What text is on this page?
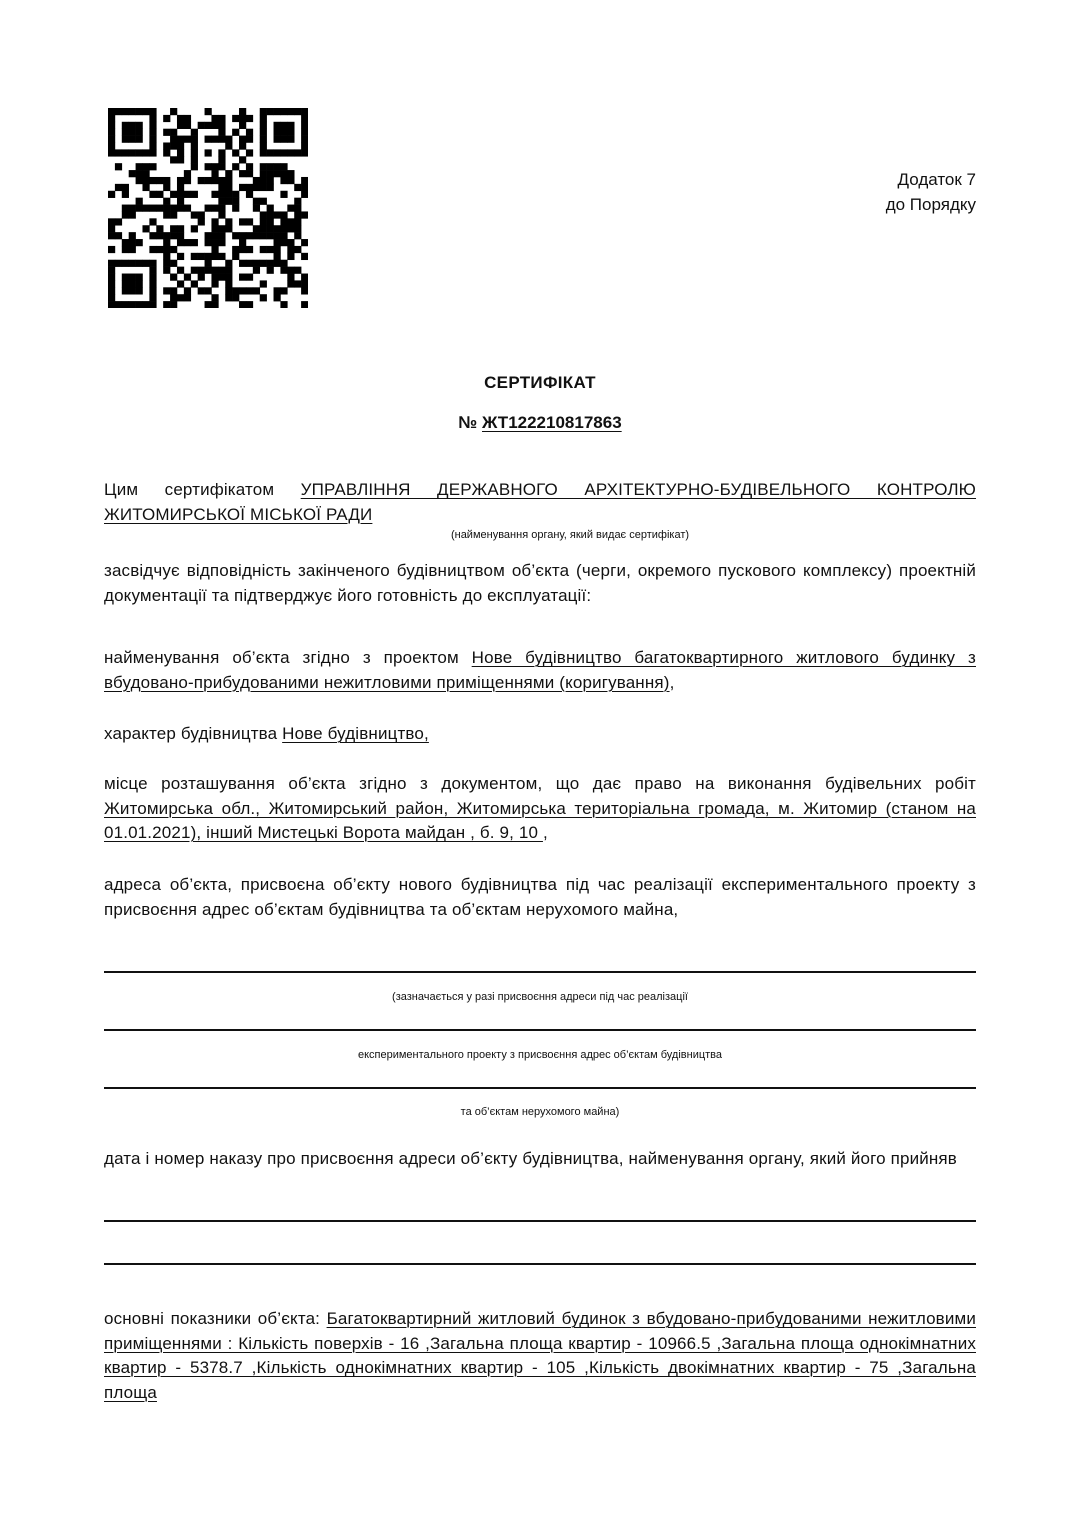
Додаток 7
до Порядку
СЕРТИФІКАТ
№ ЖТ122210817863
Цим сертифікатом УПРАВЛІННЯ ДЕРЖАВНОГО АРХІТЕКТУРНО-БУДІВЕЛЬНОГО КОНТРОЛЮ ЖИТОМИРСЬКОЇ МІСЬКОЇ РАДИ
(найменування органу, який видає сертифікат)
засвідчує відповідність закінченого будівництвом об’єкта (черги, окремого пускового комплексу) проектній документації та підтверджує його готовність до експлуатації:
найменування об’єкта згідно з проектом Нове будівництво багатоквартирного житлового будинку з вбудовано-прибудованими нежитловими приміщеннями (коригування),
характер будівництва Нове будівництво,
місце розташування об’єкта згідно з документом, що дає право на виконання будівельних робіт Житомирська обл., Житомирський район, Житомирська територіальна громада, м. Житомир (станом на 01.01.2021), інший Мистецькі Ворота майдан , б. 9, 10 ,
адреса об’єкта, присвоєна об’єкту нового будівництва під час реалізації експериментального проекту з присвоєння адрес об’єктам будівництва та об’єктам нерухомого майна,
(зазначається у разі присвоєння адреси під час реалізації
експериментального проекту з присвоєння адрес об’єктам будівництва
та об’єктам нерухомого майна)
дата і номер наказу про присвоєння адреси об’єкту будівництва, найменування органу, який його прийняв
основні показники об’єкта: Багатоквартирний житловий будинок з вбудовано-прибудованими нежитловими приміщеннями : Кількість поверхів - 16 ,Загальна площа квартир - 10966.5 ,Загальна площа однокімнатних квартир - 5378.7 ,Кількість однокімнатних квартир - 105 ,Кількість двокімнатних квартир - 75 ,Загальна площа
